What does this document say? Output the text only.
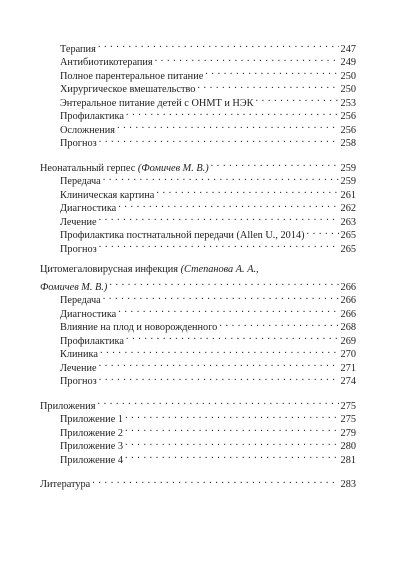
Терапия . . .	247
Антибиотикотерапия . . .	249
Полное парентеральное питание . . .	250
Хирургическое вмешательство . . .	250
Энтеральное питание детей с ОНМТ и НЭК . . .	253
Профилактика . . .	256
Осложнения . . .	256
Прогноз . . .	258
Неонатальный герпес (Фомичев М. В.) . . .	259
Передача . . .	259
Клиническая картина . . .	261
Диагностика . . .	262
Лечение . . .	263
Профилактика постнатальной передачи (Allen U., 2014) . . .	265
Прогноз . . .	265
Цитомегаловирусная инфекция (Степанова А. А.,
Фомичев М. В.) . . .	266
Передача . . .	266
Диагностика . . .	266
Влияние на плод и новорожденного . . .	268
Профилактика . . .	269
Клиника . . .	270
Лечение . . .	271
Прогноз . . .	274
Приложения . . .	275
Приложение 1 . . .	275
Приложение 2 . . .	279
Приложение 3 . . .	280
Приложение 4 . . .	281
Литература . . .	283
